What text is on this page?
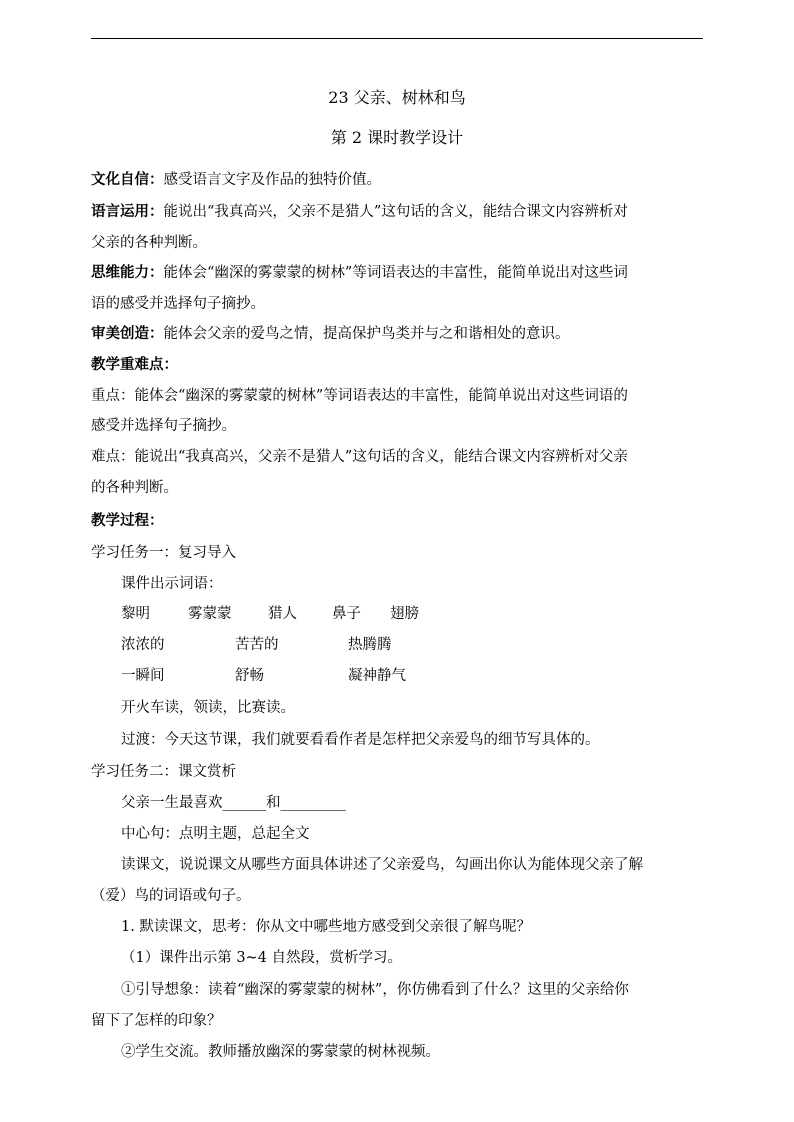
23 父亲、树林和鸟
第 2 课时教学设计
文化自信：感受语言文字及作品的独特价值。
语言运用：能说出“我真高兴，父亲不是猎人”这句话的含义，能结合课文内容辨析对
父亲的各种判断。
思维能力：能体会“幽深的雾蒙蒙的树林”等词语表达的丰富性，能简单说出对这些词
语的感受并选择句子摘抄。
审美创造：能体会父亲的爱鸟之情，提高保护鸟类并与之和谐相处的意识。
教学重难点：
重点：能体会“幽深的雾蒙蒙的树林”等词语表达的丰富性，能简单说出对这些词语的
感受并选择句子摘抄。
难点：能说出“我真高兴，父亲不是猎人”这句话的含义，能结合课文内容辨析对父亲
的各种判断。
教学过程：
学习任务一：复习导入
课件出示词语：
黎明	雾蒙蒙	猎人 鼻子 翅膀
浓浓的	苦苦的	热腾腾
一瞬间	舒畅	凝神静气
开火车读，领读，比赛读。
过渡：今天这节课，我们就要看看作者是怎样把父亲爱鸟的细节写具体的。
学习任务二：课文赏析
父亲一生最喜欢______和_________
中心句：点明主题，总起全文
读课文，说说课文从哪些方面具体讲述了父亲爱鸟，勾画出你认为能体现父亲了解
（爱）鸟的词语或句子。
1. 默读课文，思考：你从文中哪些地方感受到父亲很了解鸟呢？
（1）课件出示第 3~4 自然段，赏析学习。
①引导想象：读着“幽深的雾蒙蒙的树林”，你仿佛看到了什么？这里的父亲给你
留下了怎样的印象？
②学生交流。教师播放幽深的雾蒙蒙的树林视频。
